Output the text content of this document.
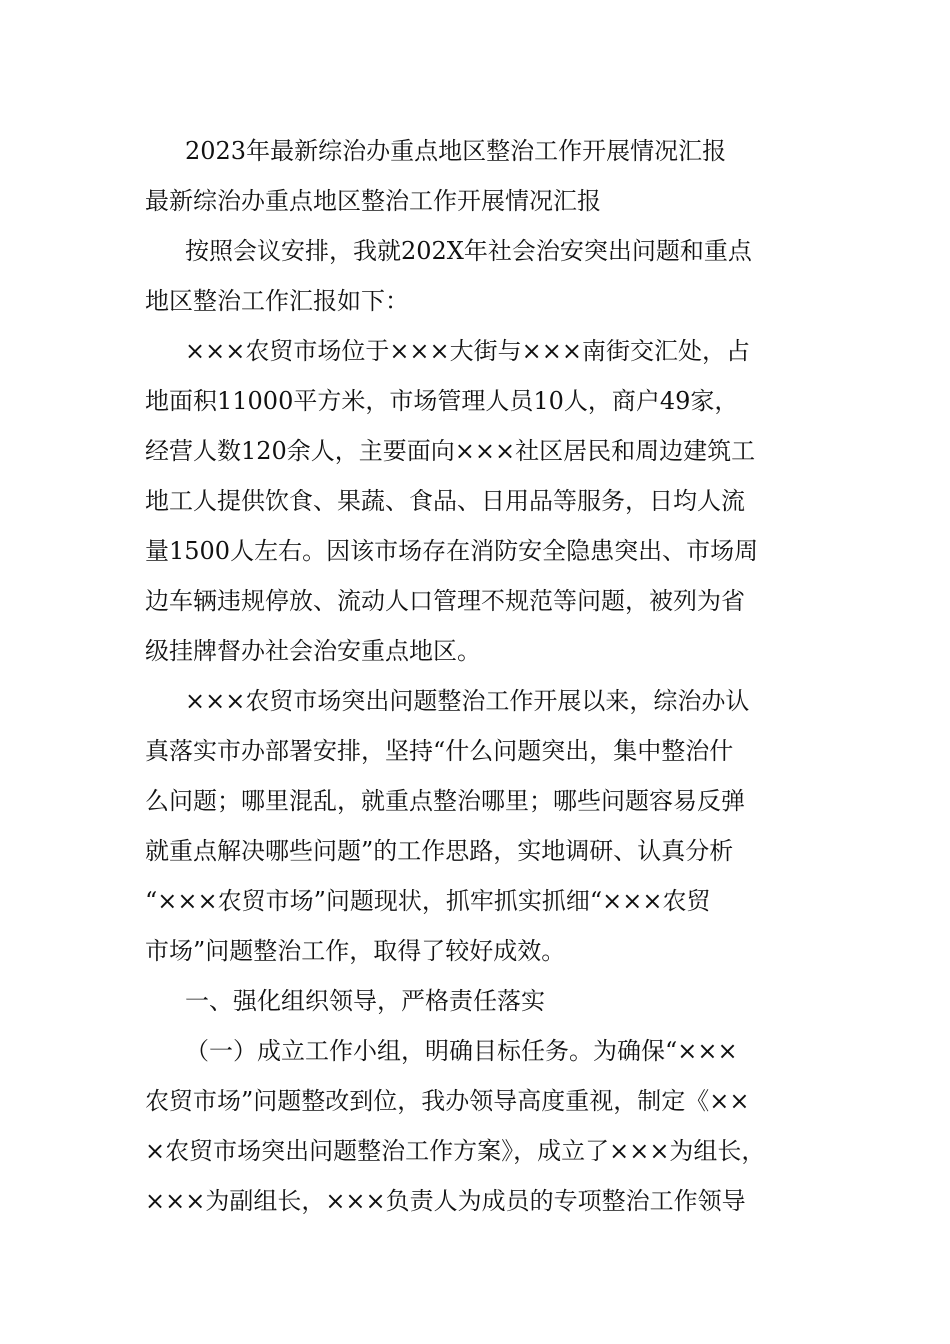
2023年最新综治办重点地区整治工作开展情况汇报

最新综治办重点地区整治工作开展情况汇报

按照会议安排，我就202X年社会治安突出问题和重点

地区整治工作汇报如下：

×××农贸市场位于×××大街与×××南街交汇处，占

地面积11000平方米，市场管理人员10人，商户49家，

经营人数120余人，主要面向×××社区居民和周边建筑工

地工人提供饮食、果蔬、食品、日用品等服务，日均人流

量1500人左右。因该市场存在消防安全隐患突出、市场周

边车辆违规停放、流动人口管理不规范等问题，被列为省

级挂牌督办社会治安重点地区。

×××农贸市场突出问题整治工作开展以来，综治办认

真落实市办部署安排，坚持“什么问题突出，集中整治什

么问题；哪里混乱，就重点整治哪里；哪些问题容易反弹

就重点解决哪些问题”的工作思路，实地调研、认真分析

“×××农贸市场”问题现状，抓牢抓实抓细“×××农贸

市场”问题整治工作，取得了较好成效。

一、强化组织领导，严格责任落实

（一）成立工作小组，明确目标任务。为确保“×××

农贸市场”问题整改到位，我办领导高度重视，制定《××

×农贸市场突出问题整治工作方案》，成立了×××为组长，

×××为副组长，×××负责人为成员的专项整治工作领导
